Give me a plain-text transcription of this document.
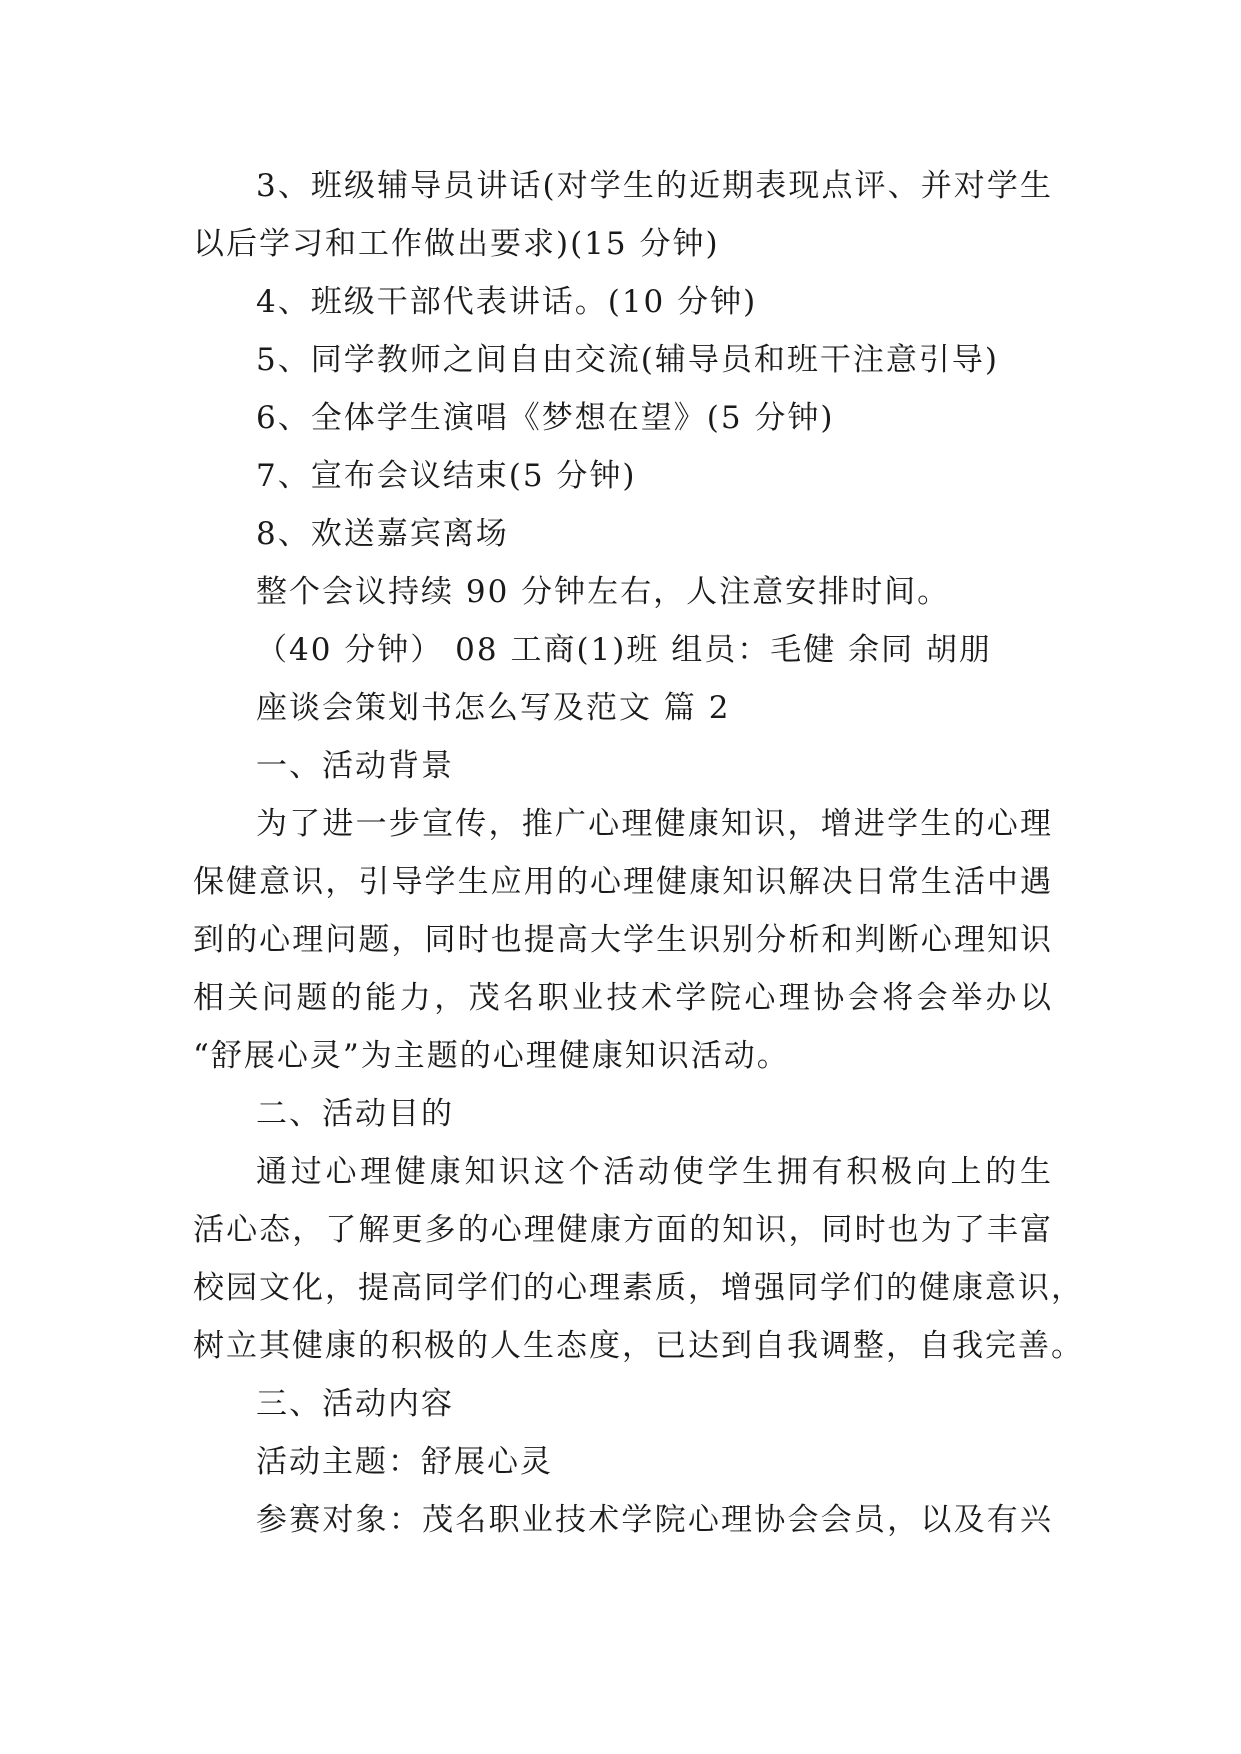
3、班级辅导员讲话(对学生的近期表现点评、并对学生
以后学习和工作做出要求)(15 分钟)
4、班级干部代表讲话。(10 分钟)
5、同学教师之间自由交流(辅导员和班干注意引导)
6、全体学生演唱《梦想在望》(5 分钟)
7、宣布会议结束(5 分钟)
8、欢送嘉宾离场
整个会议持续 90 分钟左右，人注意安排时间。
（40 分钟） 08 工商(1)班 组员：毛健 余同 胡朋
座谈会策划书怎么写及范文 篇 2
一、活动背景
为了进一步宣传，推广心理健康知识，增进学生的心理
保健意识，引导学生应用的心理健康知识解决日常生活中遇
到的心理问题，同时也提高大学生识别分析和判断心理知识
相关问题的能力，茂名职业技术学院心理协会将会举办以
“舒展心灵”为主题的心理健康知识活动。
二、活动目的
通过心理健康知识这个活动使学生拥有积极向上的生
活心态，了解更多的心理健康方面的知识，同时也为了丰富
校园文化，提高同学们的心理素质，增强同学们的健康意识，
树立其健康的积极的人生态度，已达到自我调整，自我完善。
三、活动内容
活动主题：舒展心灵
参赛对象：茂名职业技术学院心理协会会员，以及有兴
